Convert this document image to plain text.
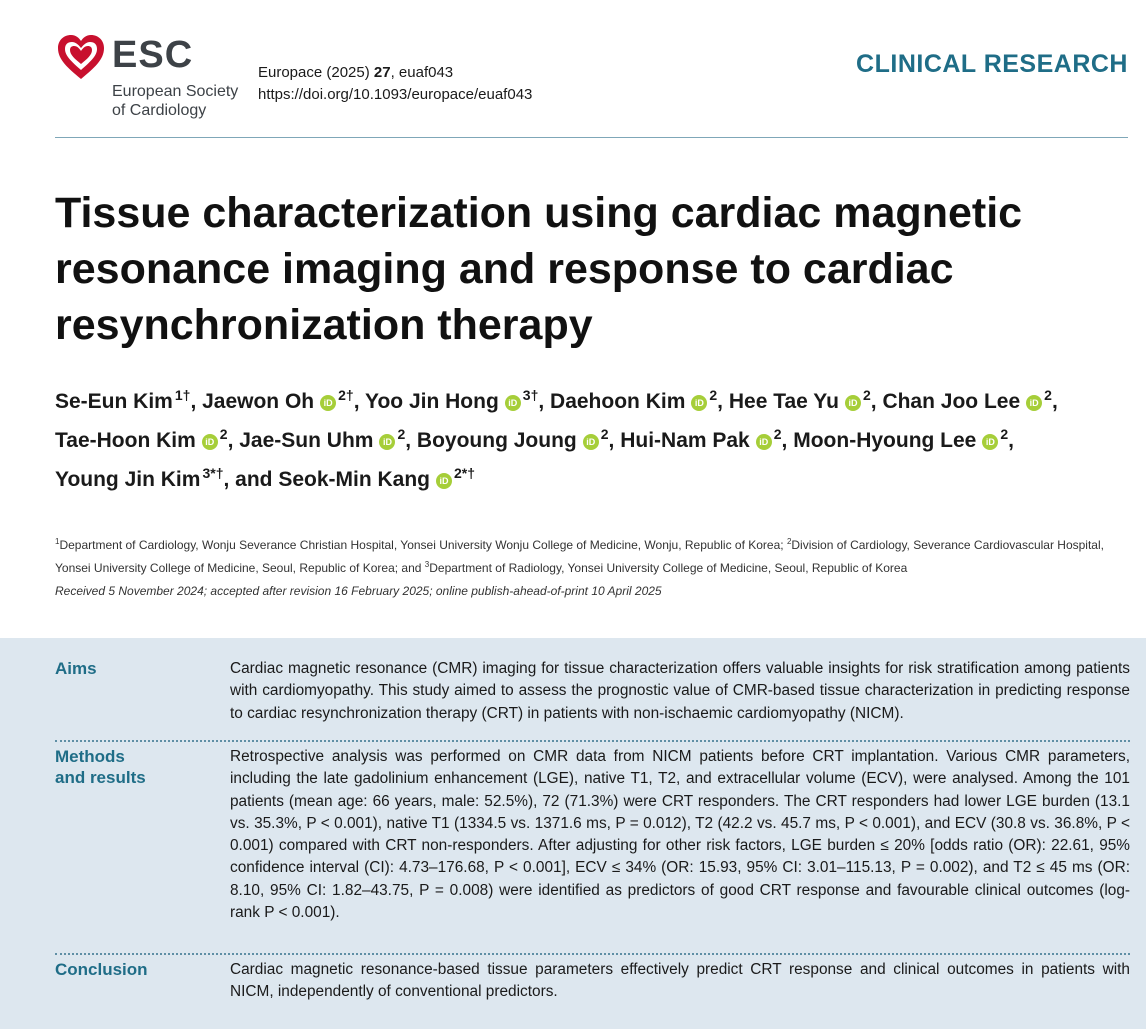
ESC
European Society
of Cardiology
Europace (2025) 27, euaf043
https://doi.org/10.1093/europace/euaf043
CLINICAL RESEARCH
Tissue characterization using cardiac magnetic resonance imaging and response to cardiac resynchronization therapy
Se-Eun Kim $^{1\dagger}$, Jaewon Oh iD $^{2\dagger}$, Yoo Jin Hong iD $^{3\dagger}$, Daehoon Kim iD $^2$, Hee Tae Yu iD $^2$, Chan Joo Lee iD $^2$, Tae-Hoon Kim iD $^2$, Jae-Sun Uhm iD $^2$, Boyoung Joung iD $^2$, Hui-Nam Pak iD $^2$, Moon-Hyoung Lee iD $^2$, Young Jin Kim $^{3*\dagger}$, and Seok-Min Kang iD $^{2*\dagger}$
$^1$Department of Cardiology, Wonju Severance Christian Hospital, Yonsei University Wonju College of Medicine, Wonju, Republic of Korea; $^2$Division of Cardiology, Severance Cardiovascular Hospital, Yonsei University College of Medicine, Seoul, Republic of Korea; and $^3$Department of Radiology, Yonsei University College of Medicine, Seoul, Republic of Korea
Received 5 November 2024; accepted after revision 16 February 2025; online publish-ahead-of-print 10 April 2025
Aims	Cardiac magnetic resonance (CMR) imaging for tissue characterization offers valuable insights for risk stratification among patients with cardiomyopathy. This study aimed to assess the prognostic value of CMR-based tissue characterization in predicting response to cardiac resynchronization therapy (CRT) in patients with non-ischaemic cardiomyopathy (NICM).
Methods
and results
Retrospective analysis was performed on CMR data from NICM patients before CRT implantation. Various CMR parameters, including the late gadolinium enhancement (LGE), native T1, T2, and extracellular volume (ECV), were analysed. Among the 101 patients (mean age: 66 years, male: 52.5%), 72 (71.3%) were CRT responders. The CRT responders had lower LGE burden (13.1 vs. 35.3%, P < 0.001), native T1 (1334.5 vs. 1371.6 ms, P = 0.012), T2 (42.2 vs. 45.7 ms, P < 0.001), and ECV (30.8 vs. 36.8%, P < 0.001) compared with CRT non-responders. After adjusting for other risk factors, LGE burden ≤ 20% [odds ratio (OR): 22.61, 95% confidence interval (CI): 4.73–176.68, P < 0.001], ECV ≤ 34% (OR: 15.93, 95% CI: 3.01–115.13, P = 0.002), and T2 ≤ 45 ms (OR: 8.10, 95% CI: 1.82–43.75, P = 0.008) were identified as predictors of good CRT response and favourable clinical outcomes (log-rank P < 0.001).
Conclusion	Cardiac magnetic resonance-based tissue parameters effectively predict CRT response and clinical outcomes in patients with NICM, independently of conventional predictors.
